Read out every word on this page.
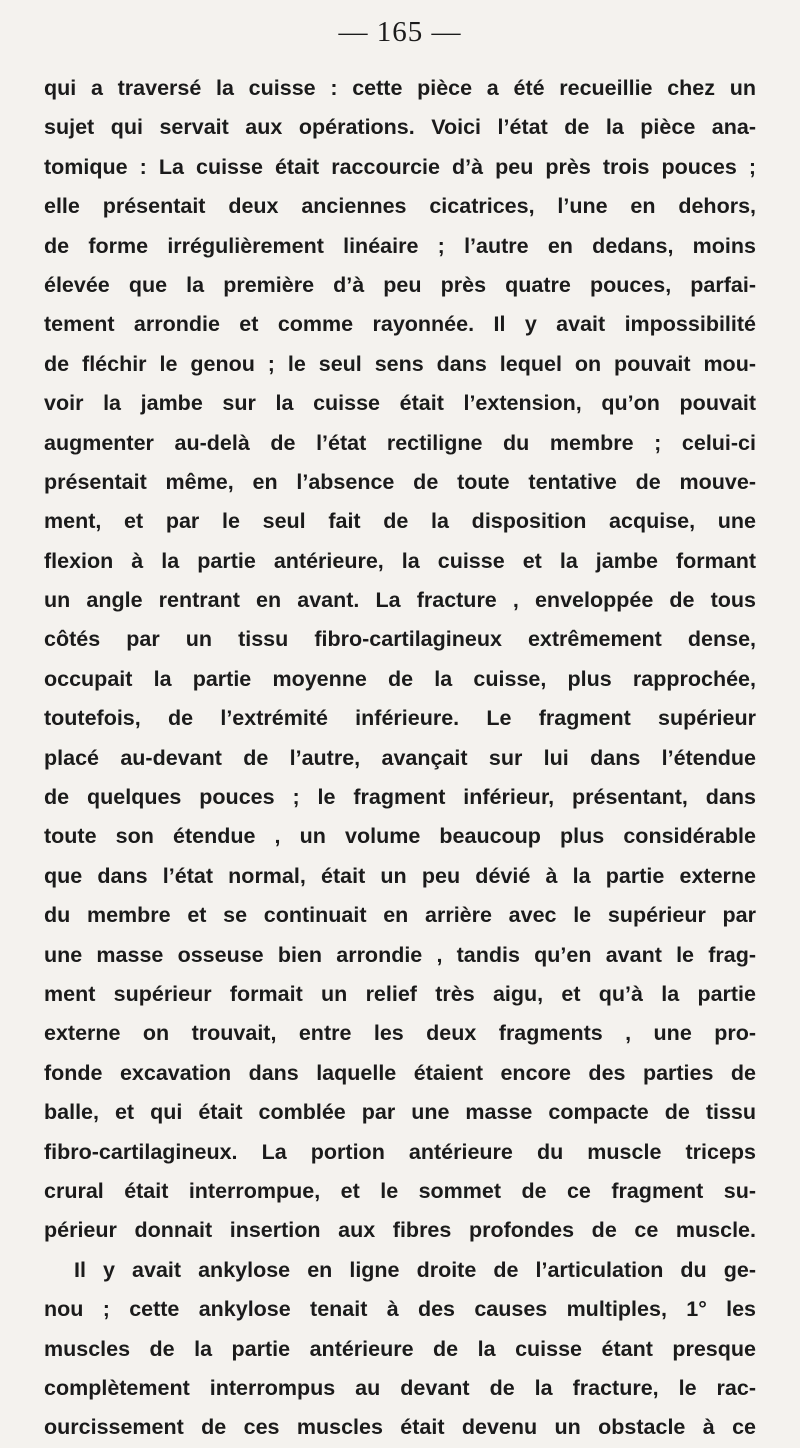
— 165 —
qui a traversé la cuisse : cette pièce a été recueillie chez un
sujet qui servait aux opérations. Voici l’état de la pièce ana-
tomique : La cuisse était raccourcie d’à peu près trois pouces ;
elle présentait deux anciennes cicatrices, l’une en dehors,
de forme irrégulièrement linéaire ; l’autre en dedans, moins
élevée que la première d’à peu près quatre pouces, parfai-
tement arrondie et comme rayonnée. Il y avait impossibilité
de fléchir le genou ; le seul sens dans lequel on pouvait mou-
voir la jambe sur la cuisse était l’extension, qu’on pouvait
augmenter au-delà de l’état rectiligne du membre ; celui-ci
présentait même, en l’absence de toute tentative de mouve-
ment, et par le seul fait de la disposition acquise, une
flexion à la partie antérieure, la cuisse et la jambe formant
un angle rentrant en avant. La fracture , enveloppée de tous
côtés par un tissu fibro-cartilagineux extrêmement dense,
occupait la partie moyenne de la cuisse, plus rapprochée,
toutefois, de l’extrémité inférieure. Le fragment supérieur
placé au-devant de l’autre, avançait sur lui dans l’étendue
de quelques pouces ; le fragment inférieur, présentant, dans
toute son étendue , un volume beaucoup plus considérable
que dans l’état normal, était un peu dévié à la partie externe
du membre et se continuait en arrière avec le supérieur par
une masse osseuse bien arrondie , tandis qu’en avant le frag-
ment supérieur formait un relief très aigu, et qu’à la partie
externe on trouvait, entre les deux fragments , une pro-
fonde excavation dans laquelle étaient encore des parties de
balle, et qui était comblée par une masse compacte de tissu
fibro-cartilagineux. La portion antérieure du muscle triceps
crural était interrompue, et le sommet de ce fragment su-
périeur donnait insertion aux fibres profondes de ce muscle.
Il y avait ankylose en ligne droite de l’articulation du ge-
nou ; cette ankylose tenait à des causes multiples, 1° les
muscles de la partie antérieure de la cuisse étant presque
complètement interrompus au devant de la fracture, le rac-
ourcissement de ces muscles était devenu un obstacle à ce
